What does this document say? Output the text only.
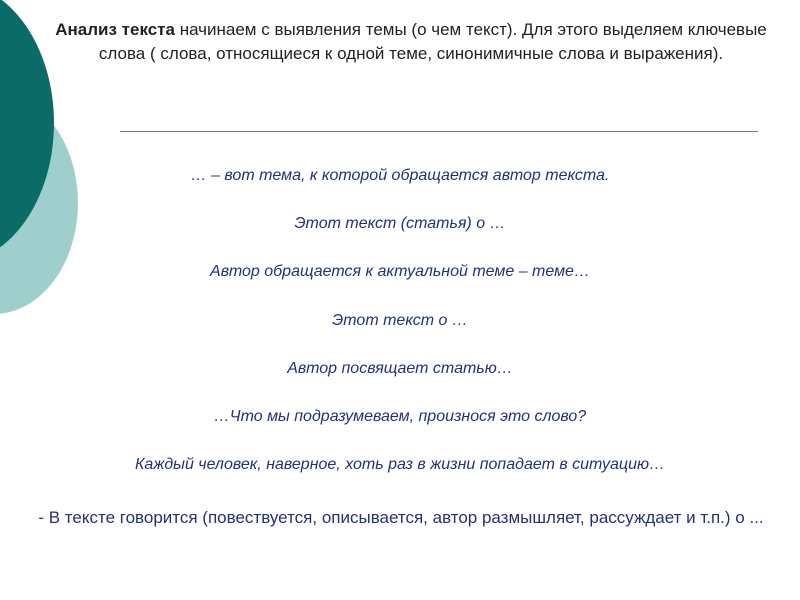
Анализ текста начинаем с выявления темы (о чем текст). Для этого выделяем ключевые слова ( слова, относящиеся к одной теме, синонимичные слова и выражения).
… – вот тема, к которой обращается автор текста.
Этот текст (статья) о …
Автор обращается к актуальной теме – теме…
Этот текст о …
Автор посвящает статью…
…Что мы подразумеваем, произнося это слово?
Каждый человек, наверное, хоть раз в жизни попадает в ситуацию…
- В тексте говорится (повествуется, описывается, автор размышляет, рассуждает и т.п.) о ...
